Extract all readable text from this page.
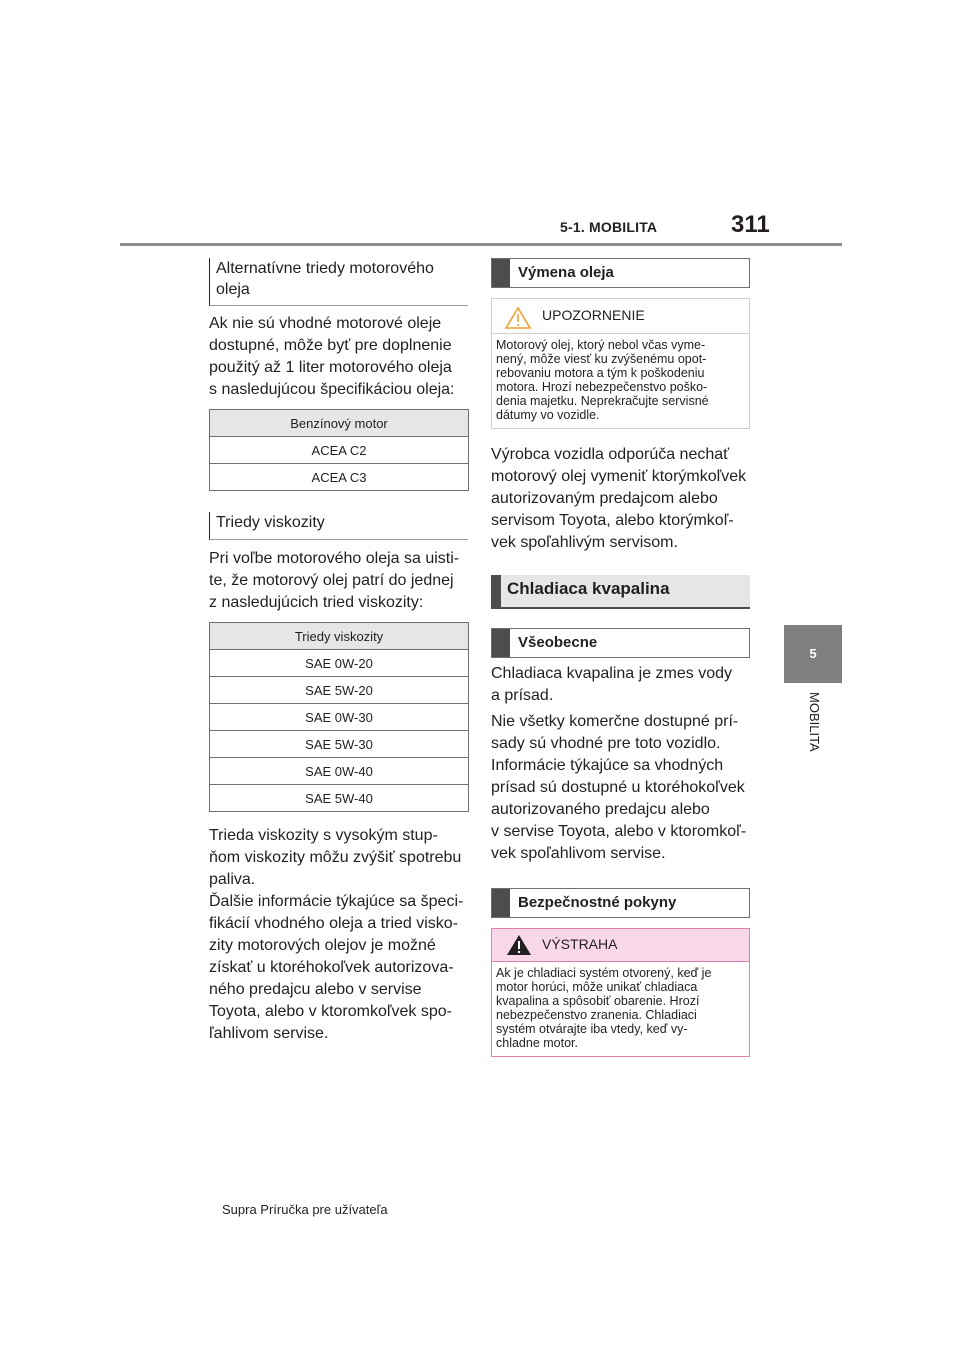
5-1. MOBILITA	311
5
MOBILITA
Alternatívne triedy motorového oleja
Ak nie sú vhodné motorové oleje
dostupné, môže byť pre doplnenie
použitý až 1 liter motorového oleja
s nasledujúcou špecifikáciou oleja:
Benzínový motor
ACEA C2
ACEA C3
Triedy viskozity
Pri voľbe motorového oleja sa uisti-
te, že motorový olej patrí do jednej
z nasledujúcich tried viskozity:
Triedy viskozity
SAE 0W-20
SAE 5W-20
SAE 0W-30
SAE 5W-30
SAE 0W-40
SAE 5W-40
Trieda viskozity s vysokým stup-
ňom viskozity môžu zvýšiť spotrebu
paliva.
Ďalšie informácie týkajúce sa špeci-
fikácií vhodného oleja a tried visko-
zity motorových olejov je možné
získať u ktoréhokoľvek autorizova-
ného predajcu alebo v servise
Toyota, alebo v ktoromkoľvek spo-
ľahlivom servise.
Výmena oleja
UPOZORNENIE
Motorový olej, ktorý nebol včas vyme-
nený, môže viesť ku zvýšenému opot-
rebovaniu motora a tým k poškodeniu
motora. Hrozí nebezpečenstvo poško-
denia majetku. Neprekračujte servisné
dátumy vo vozidle.
Výrobca vozidla odporúča nechať
motorový olej vymeniť ktorýmkoľvek
autorizovaným predajcom alebo
servisom Toyota, alebo ktorýmkoľ-
vek spoľahlivým servisom.
Chladiaca kvapalina
Všeobecne
Chladiaca kvapalina je zmes vody
a prísad.
Nie všetky komerčne dostupné prí-
sady sú vhodné pre toto vozidlo.
Informácie týkajúce sa vhodných
prísad sú dostupné u ktoréhokoľvek
autorizovaného predajcu alebo
v servise Toyota, alebo v ktoromkoľ-
vek spoľahlivom servise.
Bezpečnostné pokyny
VÝSTRAHA
Ak je chladiaci systém otvorený, keď je
motor horúci, môže unikať chladiaca
kvapalina a spôsobiť obarenie. Hrozí
nebezpečenstvo zranenia. Chladiaci
systém otvárajte iba vtedy, keď vy-
chladne motor.
Supra Príručka pre užívateľa
